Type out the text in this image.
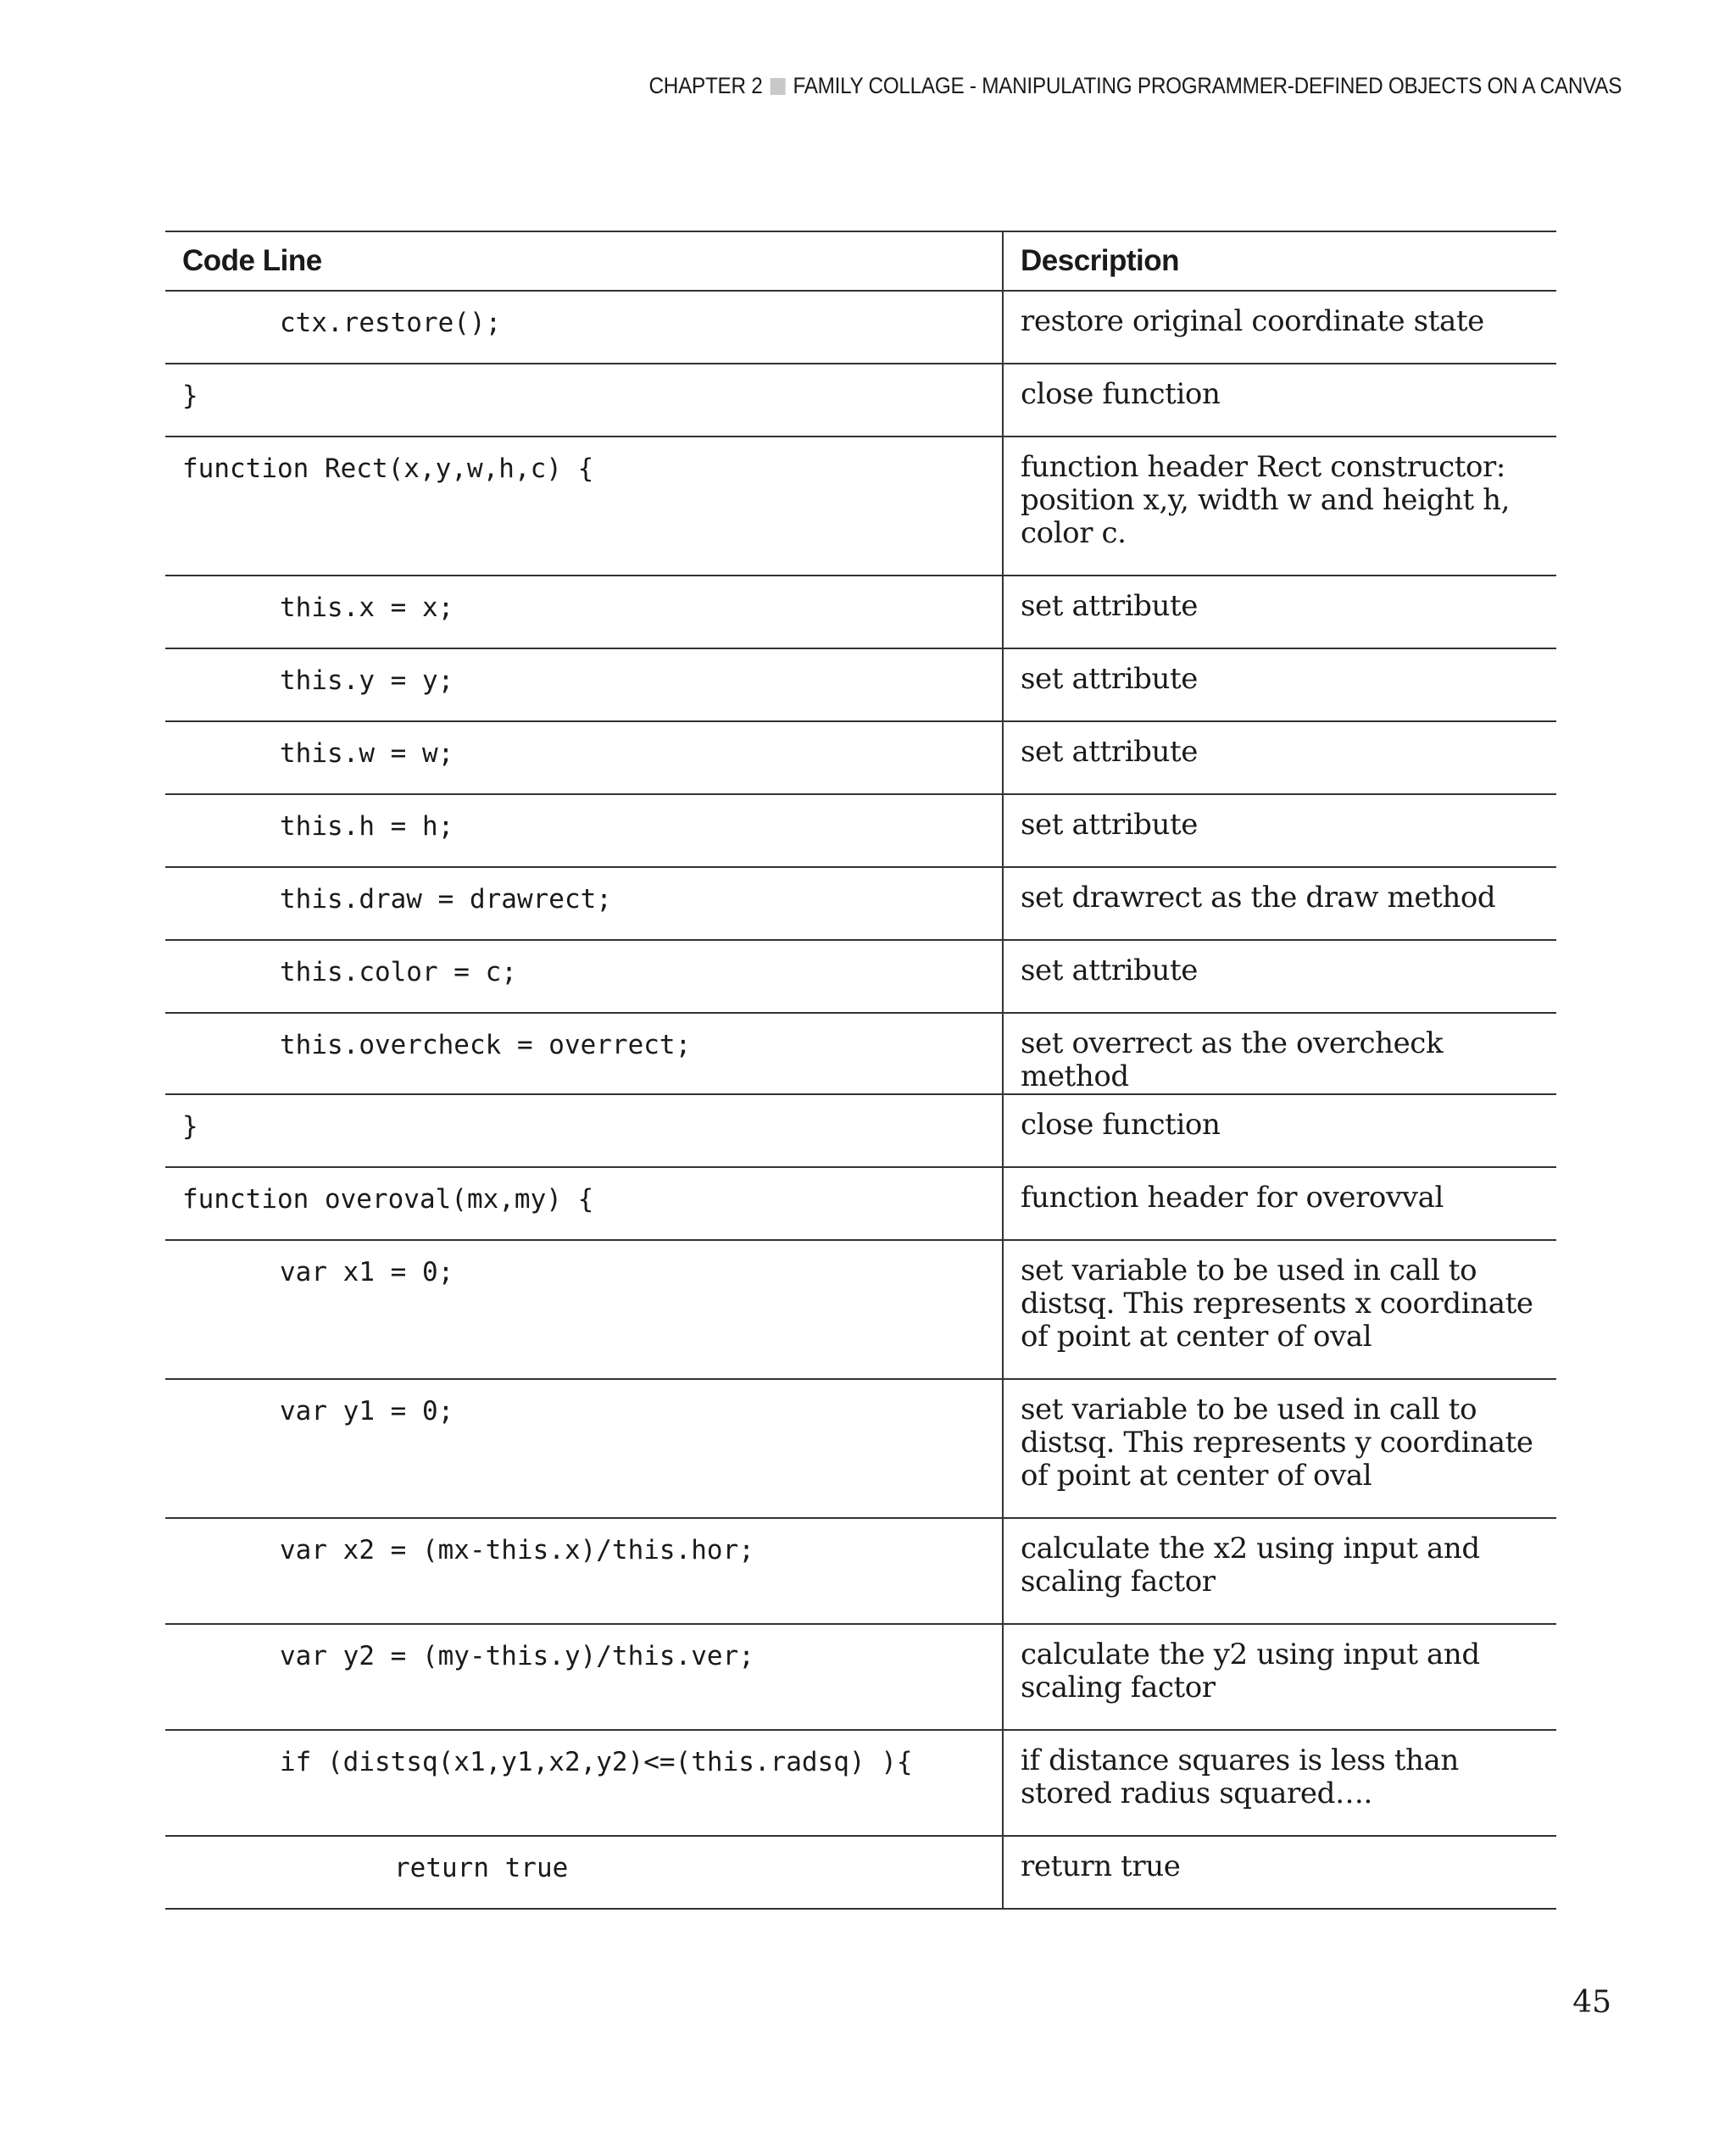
CHAPTER 2 FAMILY COLLAGE - MANIPULATING PROGRAMMER-DEFINED OBJECTS ON A CANVAS
Code Line	Description
ctx.restore();	restore original coordinate state
}	close function
function Rect(x,y,w,h,c) {	function header Rect constructor: position x,y, width w and height h, color c.
this.x = x;	set attribute
this.y = y;	set attribute
this.w = w;	set attribute
this.h = h;	set attribute
this.draw = drawrect;	set drawrect as the draw method
this.color = c;	set attribute
this.overcheck = overrect;	set overrect as the overcheck method
}	close function
function overoval(mx,my) {	function header for overovval
var x1 = 0;	set variable to be used in call to distsq. This represents x coordinate of point at center of oval
var y1 = 0;	set variable to be used in call to distsq. This represents y coordinate of point at center of oval
var x2 = (mx-this.x)/this.hor;	calculate the x2 using input and scaling factor
var y2 = (my-this.y)/this.ver;	calculate the y2 using input and scaling factor
if (distsq(x1,y1,x2,y2)<=(this.radsq) ){	if distance squares is less than stored radius squared….
return true	return true
45
